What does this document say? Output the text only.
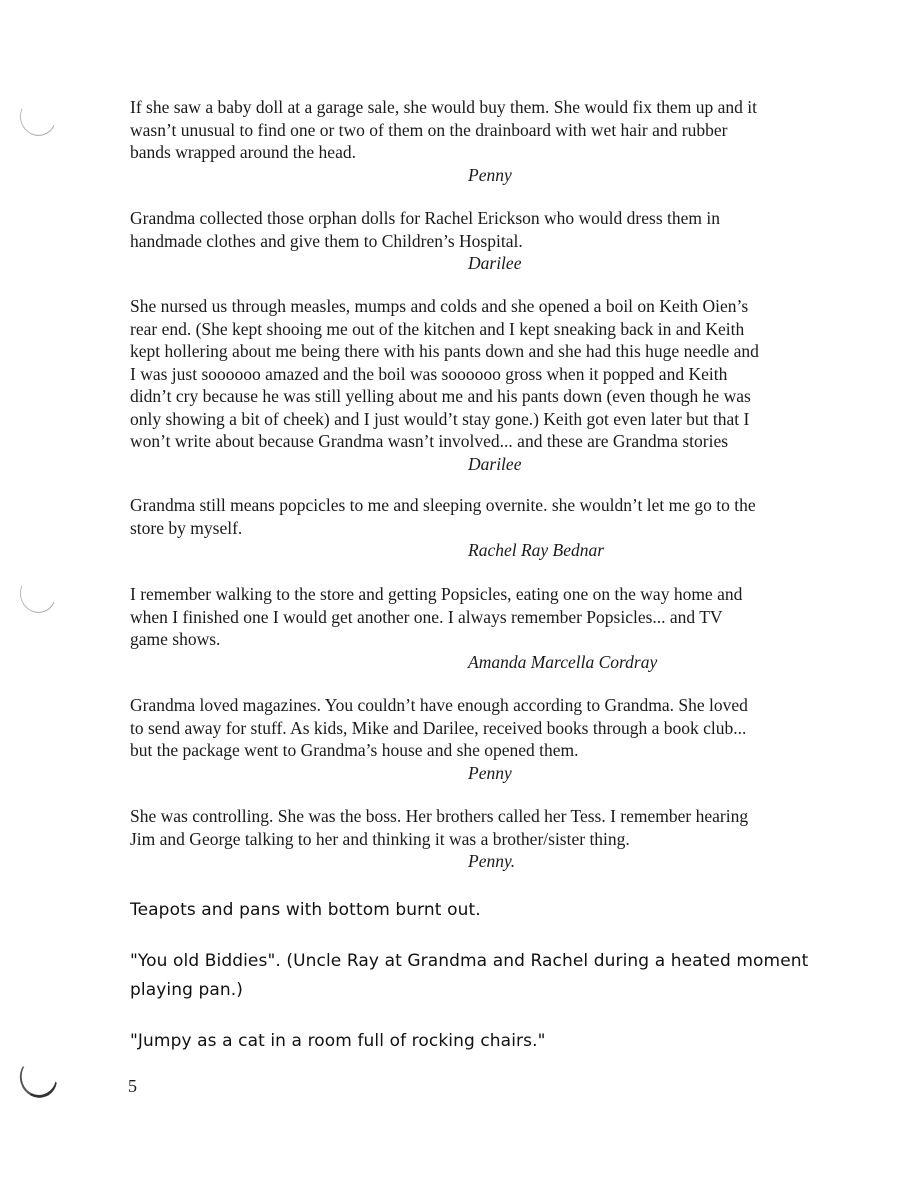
If she saw a baby doll at a garage sale, she would buy them. She would fix them up and it
wasn’t unusual to find one or two of them on the drainboard with wet hair and rubber
bands wrapped around the head.

Penny

Grandma collected those orphan dolls for Rachel Erickson who would dress them in
handmade clothes and give them to Children’s Hospital.

Darilee

She nursed us through measles, mumps and colds and she opened a boil on Keith Oien’s
rear end. (She kept shooing me out of the kitchen and I kept sneaking back in and Keith
kept hollering about me being there with his pants down and she had this huge needle and
I was just soooooo amazed and the boil was soooooo gross when it popped and Keith
didn’t cry because he was still yelling about me and his pants down (even though he was
only showing a bit of cheek) and I just would’t stay gone.) Keith got even later but that I
won’t write about because Grandma wasn’t involved... and these are Grandma stories

Darilee

Grandma still means popcicles to me and sleeping overnite. she wouldn’t let me go to the
store by myself.

Rachel Ray Bednar

I remember walking to the store and getting Popsicles, eating one on the way home and
when I finished one I would get another one. I always remember Popsicles... and TV
game shows.

Amanda Marcella Cordray

Grandma loved magazines. You couldn’t have enough according to Grandma. She loved
to send away for stuff. As kids, Mike and Darilee, received books through a book club...
but the package went to Grandma’s house and she opened them.

Penny

She was controlling. She was the boss. Her brothers called her Tess. I remember hearing
Jim and George talking to her and thinking it was a brother/sister thing.

Penny.

Teapots and pans with bottom burnt out.

"You old Biddies". (Uncle Ray at Grandma and Rachel during a heated moment playing pan.)

"Jumpy as a cat in a room full of rocking chairs."

5
